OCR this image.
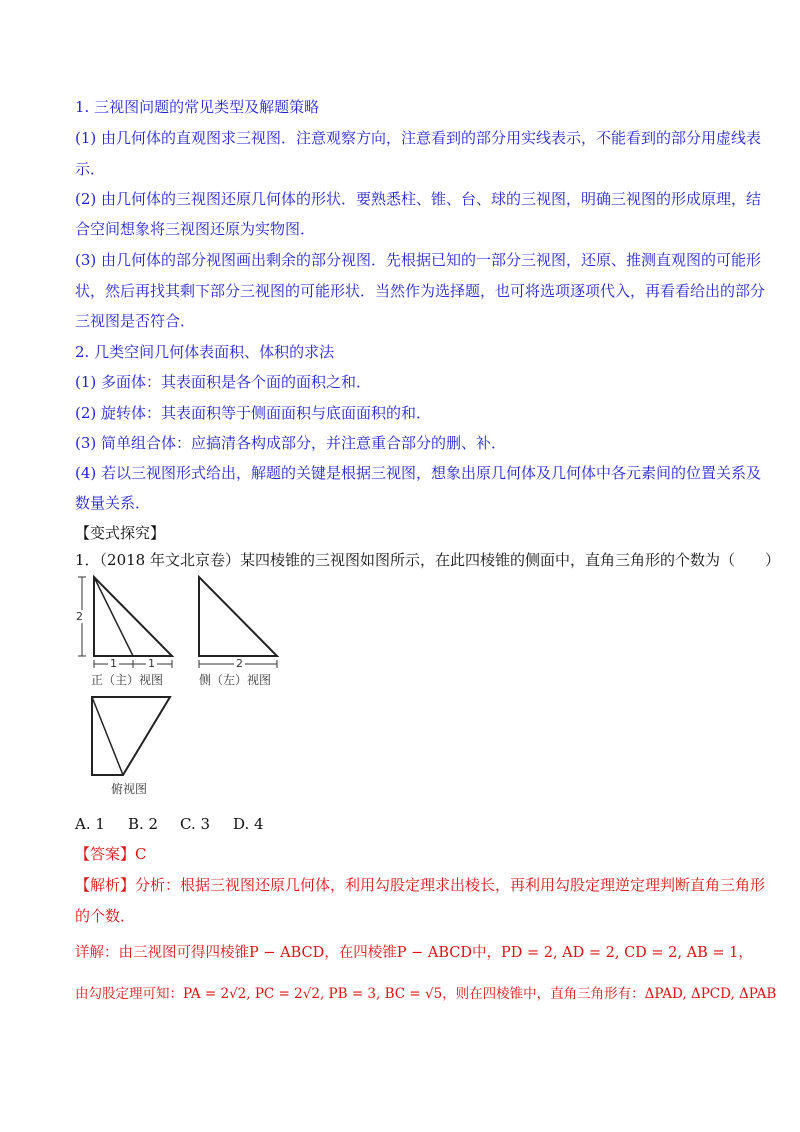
1. 三视图问题的常见类型及解题策略
(1) 由几何体的直观图求三视图．注意观察方向，注意看到的部分用实线表示，不能看到的部分用虚线表
示．
(2) 由几何体的三视图还原几何体的形状．要熟悉柱、锥、台、球的三视图，明确三视图的形成原理，结
合空间想象将三视图还原为实物图．
(3) 由几何体的部分视图画出剩余的部分视图．先根据已知的一部分三视图，还原、推测直观图的可能形
状，然后再找其剩下部分三视图的可能形状．当然作为选择题，也可将选项逐项代入，再看看给出的部分
三视图是否符合．
2. 几类空间几何体表面积、体积的求法
(1) 多面体：其表面积是各个面的面积之和．
(2) 旋转体：其表面积等于侧面面积与底面面积的和．
(3) 简单组合体：应搞清各构成部分，并注意重合部分的删、补．
(4) 若以三视图形式给出，解题的关键是根据三视图，想象出原几何体及几何体中各元素间的位置关系及
数量关系．
【变式探究】
1．（2018 年文北京卷）某四棱锥的三视图如图所示，在此四棱锥的侧面中，直角三角形的个数为（　　）
2
1	1
正（主）视图
2
侧（左）视图
俯视图
A. 1 B. 2 C. 3 D. 4
【答案】C
【解析】分析：根据三视图还原几何体，利用勾股定理求出棱长，再利用勾股定理逆定理判断直角三角形
的个数．
详解：由三视图可得四棱锥P − ABCD，在四棱锥P − ABCD中，PD = 2, AD = 2, CD = 2, AB = 1，
由勾股定理可知：PA = 2√2, PC = 2√2, PB = 3, BC = √5，则在四棱锥中，直角三角形有：ΔPAD, ΔPCD, ΔPAB
